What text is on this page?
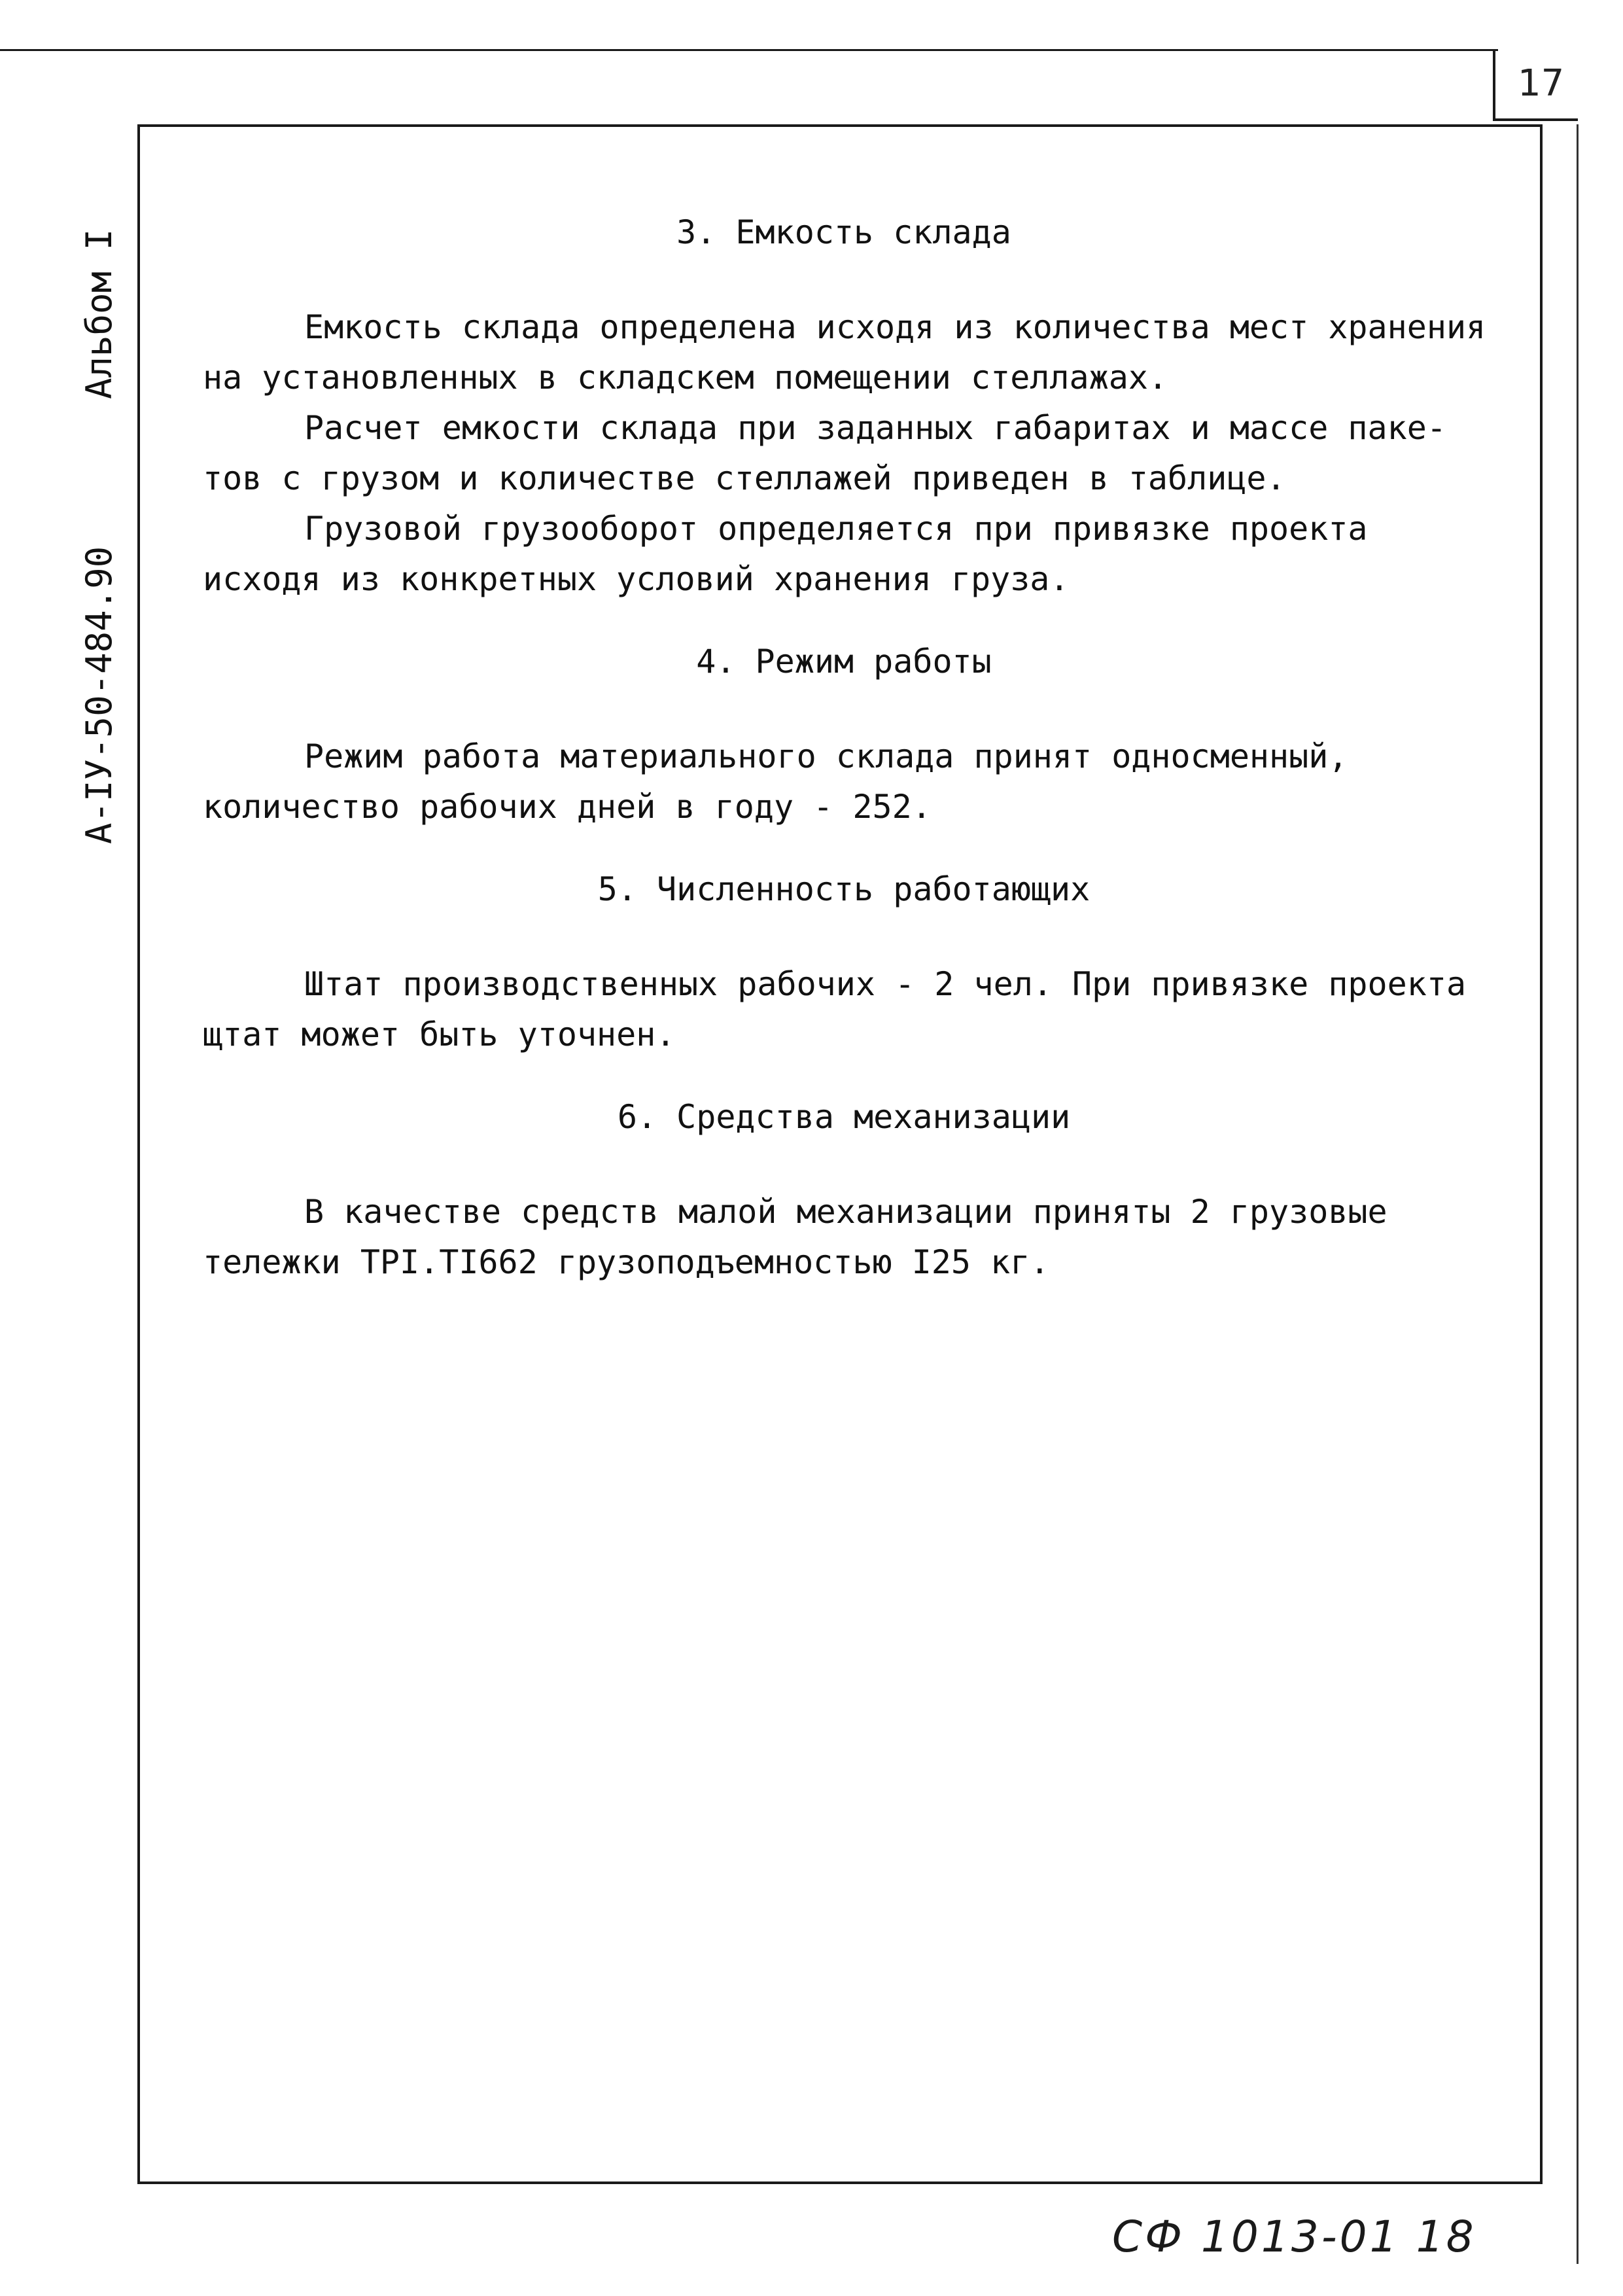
17
А-IУ-50-484.90
Альбом I	3. Емкость склада

Емкость склада определена исходя из количества мест хранения

на установленных в складскем помещении стеллажах.

Расчет емкости склада при заданных габаритах и массе паке-

тов с грузом и количестве стеллажей приведен в таблице.

Грузовой грузооборот определяется при привязке проекта

исходя из конкретных условий хранения груза.

4. Режим работы

Режим работа материального склада принят односменный,

количество рабочих дней в году - 252.

5. Численность работающих

Штат производственных рабочих - 2 чел. При привязке проекта

щтат может быть уточнен.

6. Средства механизации

В качестве средств малой механизации приняты 2 грузовые

тележки ТРI.ТI662 грузоподъемностью I25 кг.

СФ 1013-01 18
